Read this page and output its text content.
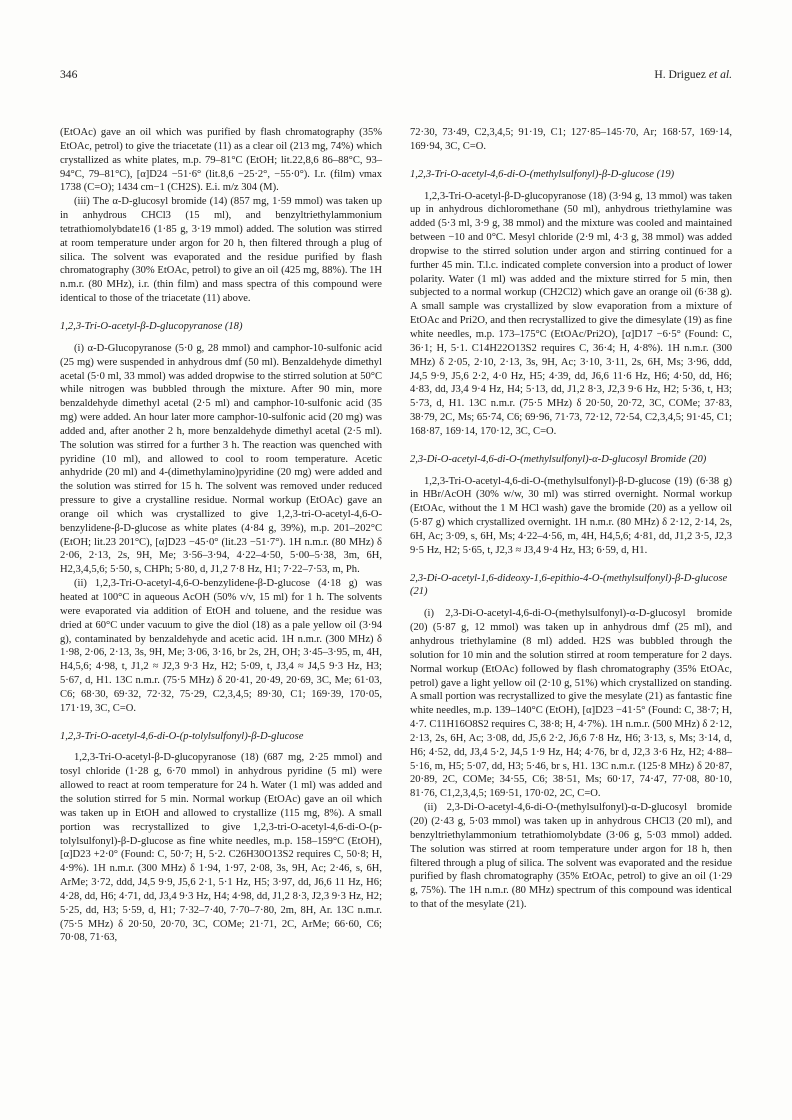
346	H. Driguez et al.

(EtOAc) gave an oil which was purified by flash chromatography (35% EtOAc, petrol) to give the triacetate (11) as a clear oil (213 mg, 74%) which crystallized as white plates, m.p. 79–81°C (EtOH; lit.22,8,6 86–88°C, 93–94°C, 79–81°C), [α]D24 −51·6° (lit.8,6 −25·2°, −55·0°). I.r. (film) νmax 1738 (C=O); 1434 cm−1 (CH2S). E.i. m/z 304 (M).

(iii) The α-D-glucosyl bromide (14) (857 mg, 1·59 mmol) was taken up in anhydrous CHCl3 (15 ml), and benzyltriethylammonium tetrathiomolybdate16 (1·85 g, 3·19 mmol) added. The solution was stirred at room temperature under argon for 20 h, then filtered through a plug of silica. The solvent was evaporated and the residue purified by flash chromatography (30% EtOAc, petrol) to give an oil (425 mg, 88%). The 1H n.m.r. (80 MHz), i.r. (thin film) and mass spectra of this compound were identical to those of the triacetate (11) above.

1,2,3-Tri-O-acetyl-β-D-glucopyranose (18)

(i) α-D-Glucopyranose (5·0 g, 28 mmol) and camphor-10-sulfonic acid (25 mg) were suspended in anhydrous dmf (50 ml). Benzaldehyde dimethyl acetal (5·0 ml, 33 mmol) was added dropwise to the stirred solution at 50°C while nitrogen was bubbled through the mixture. After 90 min, more benzaldehyde dimethyl acetal (2·5 ml) and camphor-10-sulfonic acid (35 mg) were added. An hour later more camphor-10-sulfonic acid (20 mg) was added and, after another 2 h, more benzaldehyde dimethyl acetal (2·5 ml). The solution was stirred for a further 3 h. The reaction was quenched with pyridine (10 ml), and allowed to cool to room temperature. Acetic anhydride (20 ml) and 4-(dimethylamino)pyridine (20 mg) were added and the solution was stirred for 15 h. The solvent was removed under reduced pressure to give a crystalline residue. Normal workup (EtOAc) gave an orange oil which was crystallized to give 1,2,3-tri-O-acetyl-4,6-O-benzylidene-β-D-glucose as white plates (4·84 g, 39%), m.p. 201–202°C (EtOH; lit.23 201°C), [α]D23 −45·0° (lit.23 −51·7°). 1H n.m.r. (80 MHz) δ 2·06, 2·13, 2s, 9H, Me; 3·56–3·94, 4·22–4·50, 5·00–5·38, 3m, 6H, H2,3,4,5,6; 5·50, s, CHPh; 5·80, d, J1,2 7·8 Hz, H1; 7·22–7·53, m, Ph.

(ii) 1,2,3-Tri-O-acetyl-4,6-O-benzylidene-β-D-glucose (4·18 g) was heated at 100°C in aqueous AcOH (50% v/v, 15 ml) for 1 h. The solvents were evaporated via addition of EtOH and toluene, and the residue was dried at 60°C under vacuum to give the diol (18) as a pale yellow oil (3·94 g), contaminated by benzaldehyde and acetic acid. 1H n.m.r. (300 MHz) δ 1·98, 2·06, 2·13, 3s, 9H, Me; 3·06, 3·16, br 2s, 2H, OH; 3·45–3·95, m, 4H, H4,5,6; 4·98, t, J1,2 ≈ J2,3 9·3 Hz, H2; 5·09, t, J3,4 ≈ J4,5 9·3 Hz, H3; 5·67, d, H1. 13C n.m.r. (75·5 MHz) δ 20·41, 20·49, 20·69, 3C, Me; 61·03, C6; 68·30, 69·32, 72·32, 75·29, C2,3,4,5; 89·30, C1; 169·39, 170·05, 171·19, 3C, C=O.

1,2,3-Tri-O-acetyl-4,6-di-O-(p-tolylsulfonyl)-β-D-glucose

1,2,3-Tri-O-acetyl-β-D-glucopyranose (18) (687 mg, 2·25 mmol) and tosyl chloride (1·28 g, 6·70 mmol) in anhydrous pyridine (5 ml) were allowed to react at room temperature for 24 h. Water (1 ml) was added and the solution stirred for 5 min. Normal workup (EtOAc) gave an oil which was taken up in EtOH and allowed to crystallize (115 mg, 8%). A small portion was recrystallized to give 1,2,3-tri-O-acetyl-4,6-di-O-(p-tolylsulfonyl)-β-D-glucose as fine white needles, m.p. 158–159°C (EtOH), [α]D23 +2·0° (Found: C, 50·7; H, 5·2. C26H30O13S2 requires C, 50·8; H, 4·9%). 1H n.m.r. (300 MHz) δ 1·94, 1·97, 2·08, 3s, 9H, Ac; 2·46, s, 6H, ArMe; 3·72, ddd, J4,5 9·9, J5,6 2·1, 5·1 Hz, H5; 3·97, dd, J6,6 11 Hz, H6; 4·28, dd, H6; 4·71, dd, J3,4 9·3 Hz, H4; 4·98, dd, J1,2 8·3, J2,3 9·3 Hz, H2; 5·25, dd, H3; 5·59, d, H1; 7·32–7·40, 7·70–7·80, 2m, 8H, Ar. 13C n.m.r. (75·5 MHz) δ 20·50, 20·70, 3C, COMe; 21·71, 2C, ArMe; 66·60, C6; 70·08, 71·63,

72·30, 73·49, C2,3,4,5; 91·19, C1; 127·85–145·70, Ar; 168·57, 169·14, 169·94, 3C, C=O.

1,2,3-Tri-O-acetyl-4,6-di-O-(methylsulfonyl)-β-D-glucose (19)

1,2,3-Tri-O-acetyl-β-D-glucopyranose (18) (3·94 g, 13 mmol) was taken up in anhydrous dichloromethane (50 ml), anhydrous triethylamine was added (5·3 ml, 3·9 g, 38 mmol) and the mixture was cooled and maintained between −10 and 0°C. Mesyl chloride (2·9 ml, 4·3 g, 38 mmol) was added dropwise to the stirred solution under argon and stirring continued for a further 45 min. T.l.c. indicated complete conversion into a product of lower polarity. Water (1 ml) was added and the mixture stirred for 5 min, then subjected to a normal workup (CH2Cl2) which gave an orange oil (6·38 g). A small sample was crystallized by slow evaporation from a mixture of EtOAc and Pri2O, and then recrystallized to give the dimesylate (19) as fine white needles, m.p. 173–175°C (EtOAc/Pri2O), [α]D17 −6·5° (Found: C, 36·1; H, 5·1. C14H22O13S2 requires C, 36·4; H, 4·8%). 1H n.m.r. (300 MHz) δ 2·05, 2·10, 2·13, 3s, 9H, Ac; 3·10, 3·11, 2s, 6H, Ms; 3·96, ddd, J4,5 9·9, J5,6 2·2, 4·0 Hz, H5; 4·39, dd, J6,6 11·6 Hz, H6; 4·50, dd, H6; 4·83, dd, J3,4 9·4 Hz, H4; 5·13, dd, J1,2 8·3, J2,3 9·6 Hz, H2; 5·36, t, H3; 5·73, d, H1. 13C n.m.r. (75·5 MHz) δ 20·50, 20·72, 3C, COMe; 37·83, 38·79, 2C, Ms; 65·74, C6; 69·96, 71·73, 72·12, 72·54, C2,3,4,5; 91·45, C1; 168·87, 169·14, 170·12, 3C, C=O.

2,3-Di-O-acetyl-4,6-di-O-(methylsulfonyl)-α-D-glucosyl Bromide (20)

1,2,3-Tri-O-acetyl-4,6-di-O-(methylsulfonyl)-β-D-glucose (19) (6·38 g) in HBr/AcOH (30% w/w, 30 ml) was stirred overnight. Normal workup (EtOAc, without the 1 M HCl wash) gave the bromide (20) as a yellow oil (5·87 g) which crystallized overnight. 1H n.m.r. (80 MHz) δ 2·12, 2·14, 2s, 6H, Ac; 3·09, s, 6H, Ms; 4·22–4·56, m, 4H, H4,5,6; 4·81, dd, J1,2 3·5, J2,3 9·5 Hz, H2; 5·65, t, J2,3 ≈ J3,4 9·4 Hz, H3; 6·59, d, H1.

2,3-Di-O-acetyl-1,6-dideoxy-1,6-epithio-4-O-(methylsulfonyl)-β-D-glucose (21)

(i) 2,3-Di-O-acetyl-4,6-di-O-(methylsulfonyl)-α-D-glucosyl bromide (20) (5·87 g, 12 mmol) was taken up in anhydrous dmf (25 ml), and anhydrous triethylamine (8 ml) added. H2S was bubbled through the solution for 10 min and the solution stirred at room temperature for 2 days. Normal workup (EtOAc) followed by flash chromatography (35% EtOAc, petrol) gave a light yellow oil (2·10 g, 51%) which crystallized on standing. A small portion was recrystallized to give the mesylate (21) as fantastic fine white needles, m.p. 139–140°C (EtOH), [α]D23 −41·5° (Found: C, 38·7; H, 4·7. C11H16O8S2 requires C, 38·8; H, 4·7%). 1H n.m.r. (500 MHz) δ 2·12, 2·13, 2s, 6H, Ac; 3·08, dd, J5,6 2·2, J6,6 7·8 Hz, H6; 3·13, s, Ms; 3·14, d, H6; 4·52, dd, J3,4 5·2, J4,5 1·9 Hz, H4; 4·76, br d, J2,3 3·6 Hz, H2; 4·88–5·16, m, H5; 5·07, dd, H3; 5·46, br s, H1. 13C n.m.r. (125·8 MHz) δ 20·87, 20·89, 2C, COMe; 34·55, C6; 38·51, Ms; 60·17, 74·47, 77·08, 80·10, 81·76, C1,2,3,4,5; 169·51, 170·02, 2C, C=O.

(ii) 2,3-Di-O-acetyl-4,6-di-O-(methylsulfonyl)-α-D-glucosyl bromide (20) (2·43 g, 5·03 mmol) was taken up in anhydrous CHCl3 (20 ml), and benzyltriethylammonium tetrathiomolybdate (3·06 g, 5·03 mmol) added. The solution was stirred at room temperature under argon for 18 h, then filtered through a plug of silica. The solvent was evaporated and the residue purified by flash chromatography (35% EtOAc, petrol) to give an oil (1·29 g, 75%). The 1H n.m.r. (80 MHz) spectrum of this compound was identical to that of the mesylate (21).
